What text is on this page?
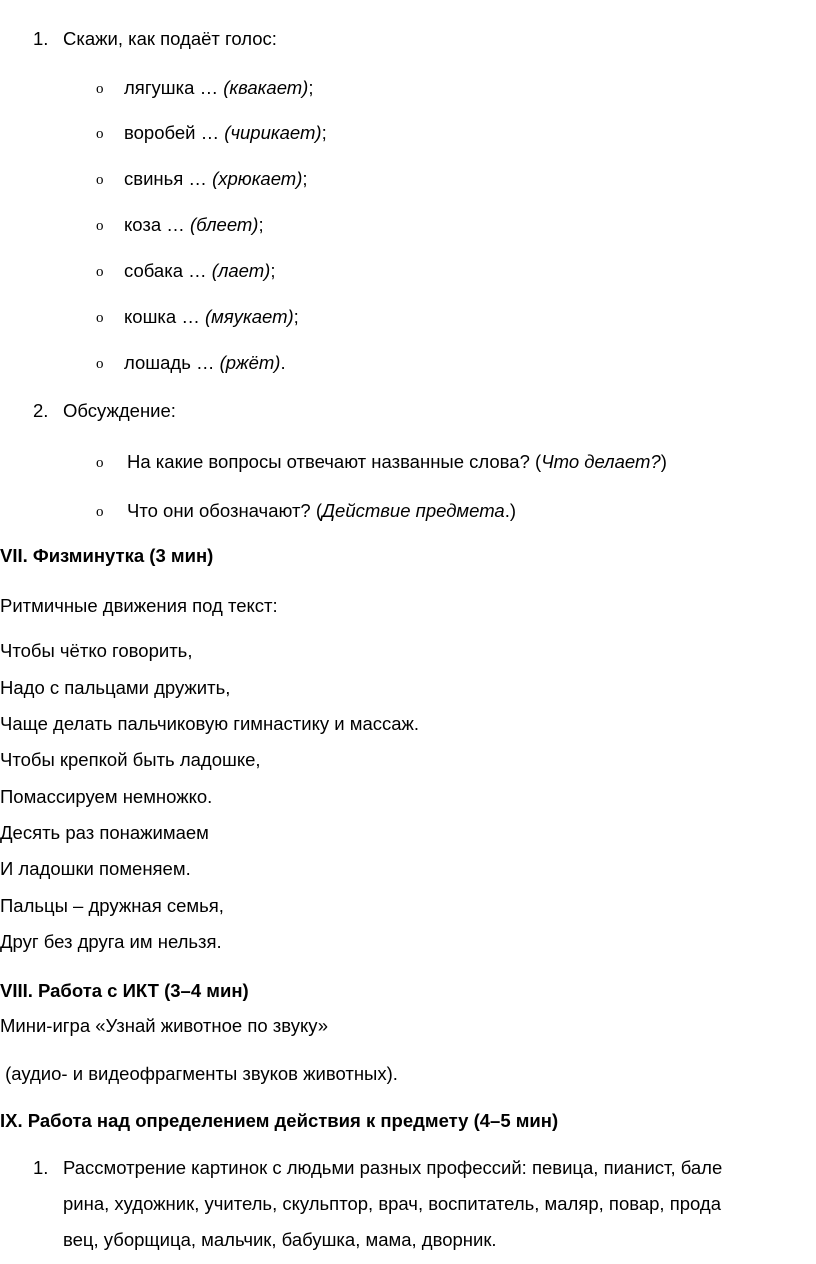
1. Скажи, как подаёт голос:
o лягушка … (квакает);
o воробей … (чирикает);
o свинья … (хрюкает);
o коза … (блеет);
o собака … (лает);
o кошка … (мяукает);
o лошадь … (ржёт).
2. Обсуждение:
o На какие вопросы отвечают названные слова? (Что делает?)
o Что они обозначают? (Действие предмета.)
VII. Физминутка (3 мин)
Ритмичные движения под текст:
Чтобы чётко говорить,
Надо с пальцами дружить,
Чаще делать пальчиковую гимнастику и массаж.
Чтобы крепкой быть ладошке,
Помассируем немножко.
Десять раз понажимаем
И ладошки поменяем.
Пальцы – дружная семья,
Друг без друга им нельзя.
VIII. Работа с ИКТ (3–4 мин)
Мини-игра «Узнай животное по звуку»
(аудио- и видеофрагменты звуков животных).
IX. Работа над определением действия к предмету (4–5 мин)
1. Рассмотрение картинок с людьми разных профессий: певица, пианист, бале
рина, художник, учитель, скульптор, врач, воспитатель, маляр, повар, прода
вец, уборщица, мальчик, бабушка, мама, дворник.
